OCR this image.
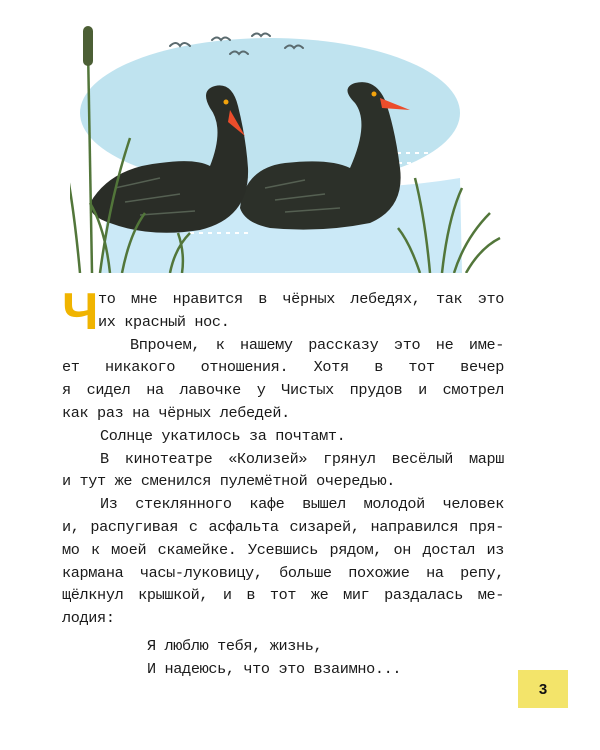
Ч то мне нравится в чёрных лебедях, так это
их красный нос.
Впрочем, к нашему рассказу это не име-
ет никакого отношения. Хотя в тот вечер
я сидел на лавочке у Чистых прудов и смотрел
как раз на чёрных лебедей.
Солнце укатилось за почтамт.
В кинотеатре «Колизей» грянул весёлый марш
и тут же сменился пулемётной очередью.
Из стеклянного кафе вышел молодой человек
и, распугивая с асфальта сизарей, направился пря-
мо к моей скамейке. Усевшись рядом, он достал из
кармана часы-луковицу, больше похожие на репу,
щёлкнул крышкой, и в тот же миг раздалась ме-
лодия:
Я люблю тебя, жизнь,
И надеюсь, что это взаимно...
3
